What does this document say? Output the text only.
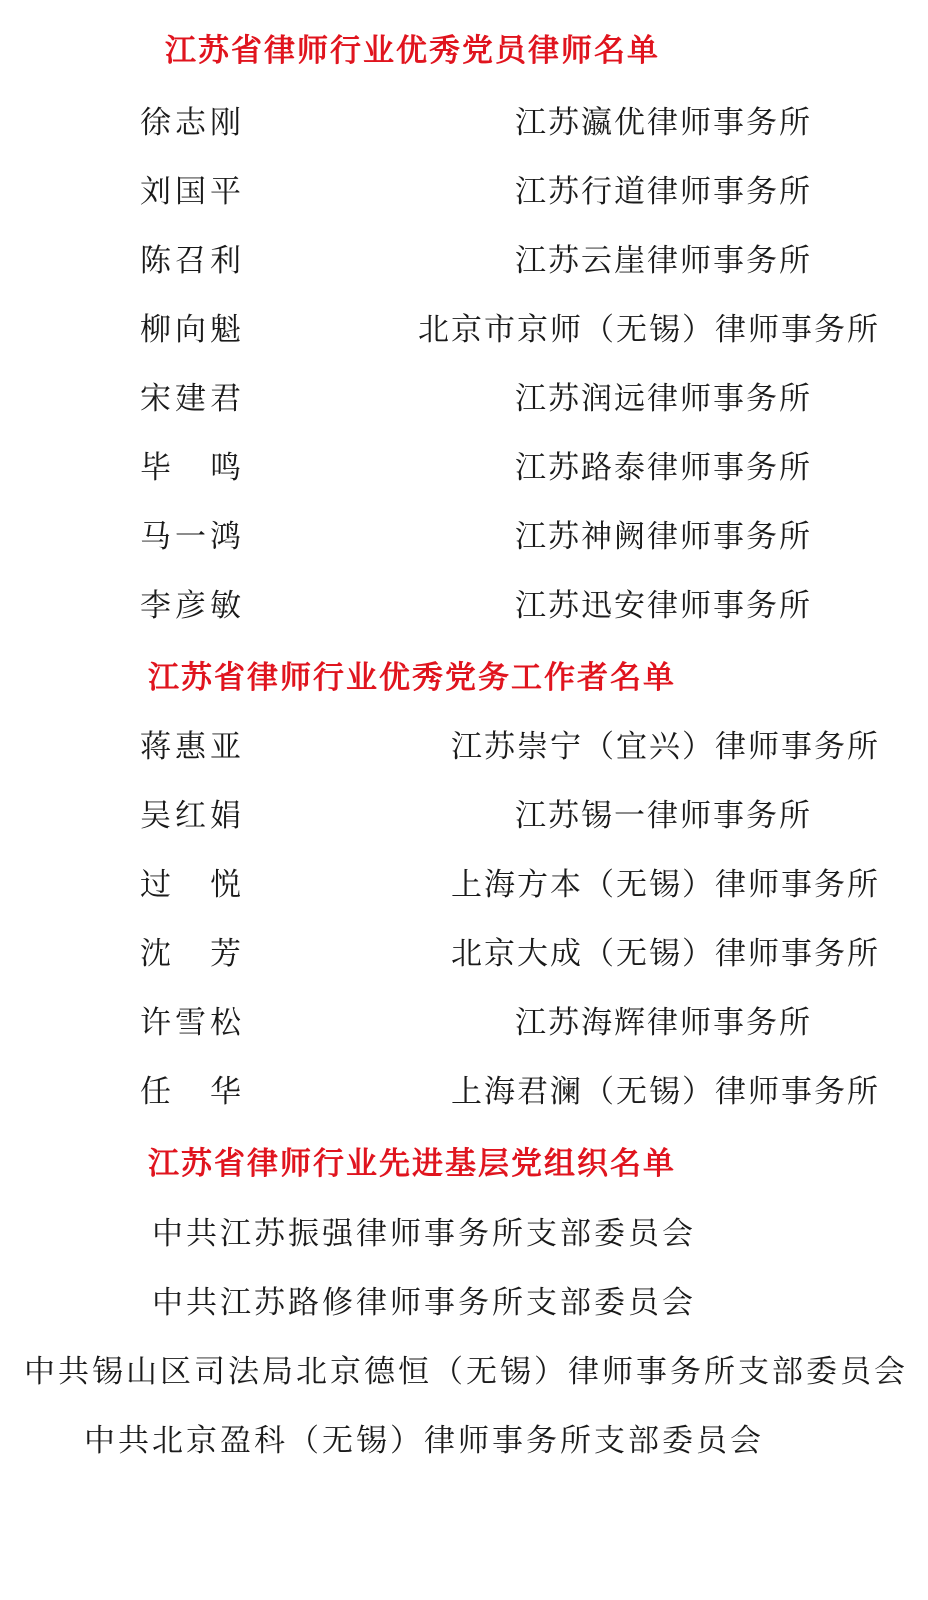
江苏省律师行业优秀党员律师名单
徐志刚	江苏瀛优律师事务所
刘国平	江苏行道律师事务所
陈召利	江苏云崖律师事务所
柳向魁	北京市京师（无锡）律师事务所
宋建君	江苏润远律师事务所
毕　鸣	江苏路泰律师事务所
马一鸿	江苏神阙律师事务所
李彦敏	江苏迅安律师事务所
江苏省律师行业优秀党务工作者名单
蒋惠亚	江苏崇宁（宜兴）律师事务所
吴红娟	江苏锡一律师事务所
过　悦	上海方本（无锡）律师事务所
沈　芳	北京大成（无锡）律师事务所
许雪松	江苏海辉律师事务所
任　华	上海君澜（无锡）律师事务所
江苏省律师行业先进基层党组织名单
中共江苏振强律师事务所支部委员会
中共江苏路修律师事务所支部委员会
中共锡山区司法局北京德恒（无锡）律师事务所支部委员会
中共北京盈科（无锡）律师事务所支部委员会
